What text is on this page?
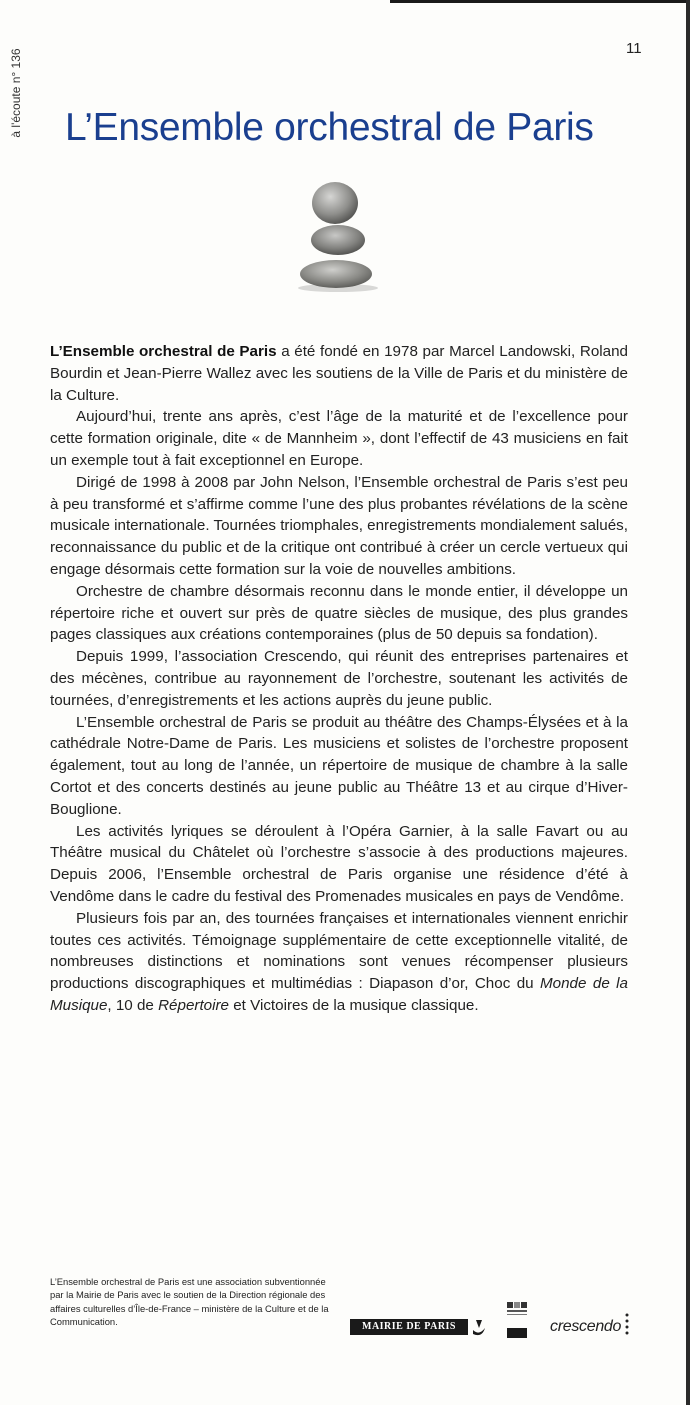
à l'écoute n° 136	11
L’Ensemble orchestral de Paris

L’Ensemble orchestral de Paris a été fondé en 1978 par Marcel Landowski, Roland Bourdin et Jean-Pierre Wallez avec les soutiens de la Ville de Paris et du ministère de la Culture.

Aujourd’hui, trente ans après, c’est l’âge de la maturité et de l’excellence pour cette formation originale, dite « de Mannheim », dont l’effectif de 43 musiciens en fait un exemple tout à fait exceptionnel en Europe.

Dirigé de 1998 à 2008 par John Nelson, l’Ensemble orchestral de Paris s’est peu à peu transformé et s’affirme comme l’une des plus probantes révélations de la scène musicale internationale. Tournées triomphales, enregistrements mondialement salués, reconnaissance du public et de la critique ont contribué à créer un cercle vertueux qui engage désormais cette formation sur la voie de nouvelles ambitions.

Orchestre de chambre désormais reconnu dans le monde entier, il développe un répertoire riche et ouvert sur près de quatre siècles de musique, des plus grandes pages classiques aux créations contemporaines (plus de 50 depuis sa fondation).

Depuis 1999, l’association Crescendo, qui réunit des entreprises partenaires et des mécènes, contribue au rayonnement de l’orchestre, soutenant les activités de tournées, d’enregistrements et les actions auprès du jeune public.

L’Ensemble orchestral de Paris se produit au théâtre des Champs-Élysées et à la cathédrale Notre-Dame de Paris. Les musiciens et solistes de l’orchestre proposent également, tout au long de l’année, un répertoire de musique de chambre à la salle Cortot et des concerts destinés au jeune public au Théâtre 13 et au cirque d’Hiver-Bouglione.

Les activités lyriques se déroulent à l’Opéra Garnier, à la salle Favart ou au Théâtre musical du Châtelet où l’orchestre s’associe à des productions majeures. Depuis 2006, l’Ensemble orchestral de Paris organise une résidence d’été à Vendôme dans le cadre du festival des Promenades musicales en pays de Vendôme.

Plusieurs fois par an, des tournées françaises et internationales viennent enrichir toutes ces activités. Témoignage supplémentaire de cette exceptionnelle vitalité, de nombreuses distinctions et nominations sont venues récompenser plusieurs productions discographiques et multimédias : Diapason d’or, Choc du Monde de la Musique, 10 de Répertoire et Victoires de la musique classique.

L’Ensemble orchestral de Paris est une association subventionnée par la Mairie de Paris avec le soutien de la Direction régionale des affaires culturelles d’Île-de-France – ministère de la Culture et de la Communication.	MAIRIE DE PARIS	crescendo
